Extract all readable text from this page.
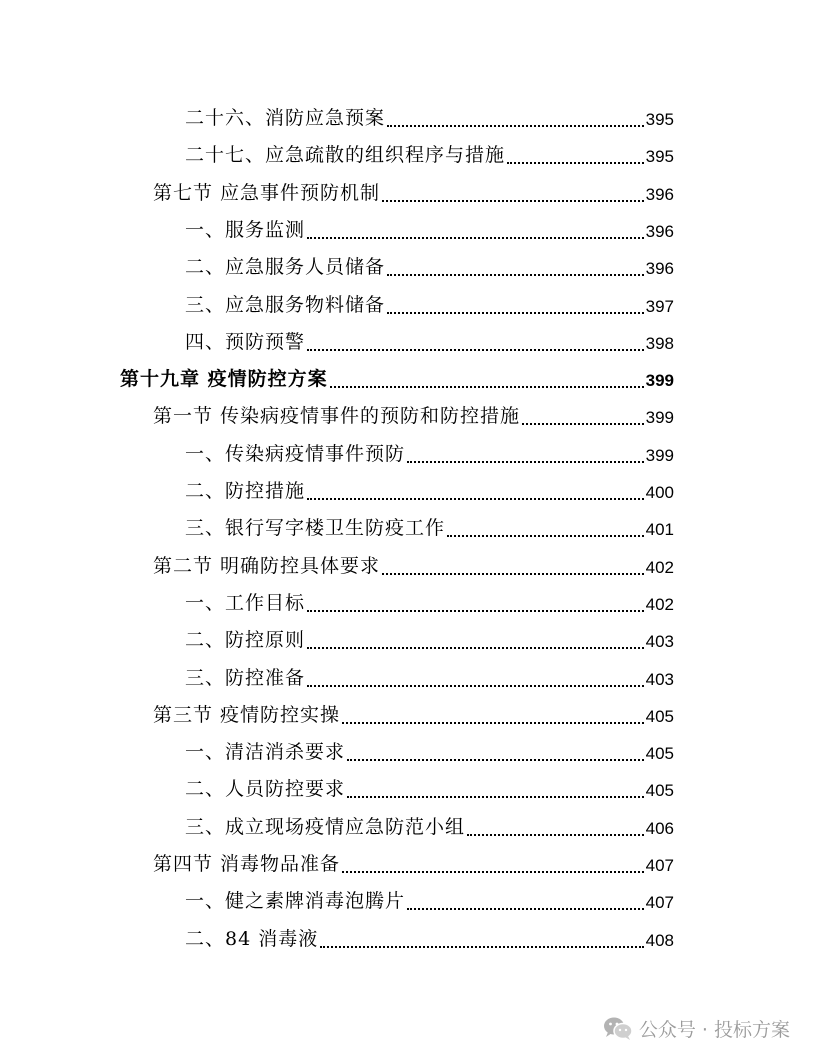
二十六、消防应急预案	395
二十七、应急疏散的组织程序与措施	395
第七节 应急事件预防机制	396
一、服务监测	396
二、应急服务人员储备	396
三、应急服务物料储备	397
四、预防预警	398
第十九章 疫情防控方案	399
第一节 传染病疫情事件的预防和防控措施	399
一、传染病疫情事件预防	399
二、防控措施	400
三、银行写字楼卫生防疫工作	401
第二节 明确防控具体要求	402
一、工作目标	402
二、防控原则	403
三、防控准备	403
第三节 疫情防控实操	405
一、清洁消杀要求	405
二、人员防控要求	405
三、成立现场疫情应急防范小组	406
第四节 消毒物品准备	407
一、健之素牌消毒泡腾片	407
二、84 消毒液	408
公众号 · 投标方案
